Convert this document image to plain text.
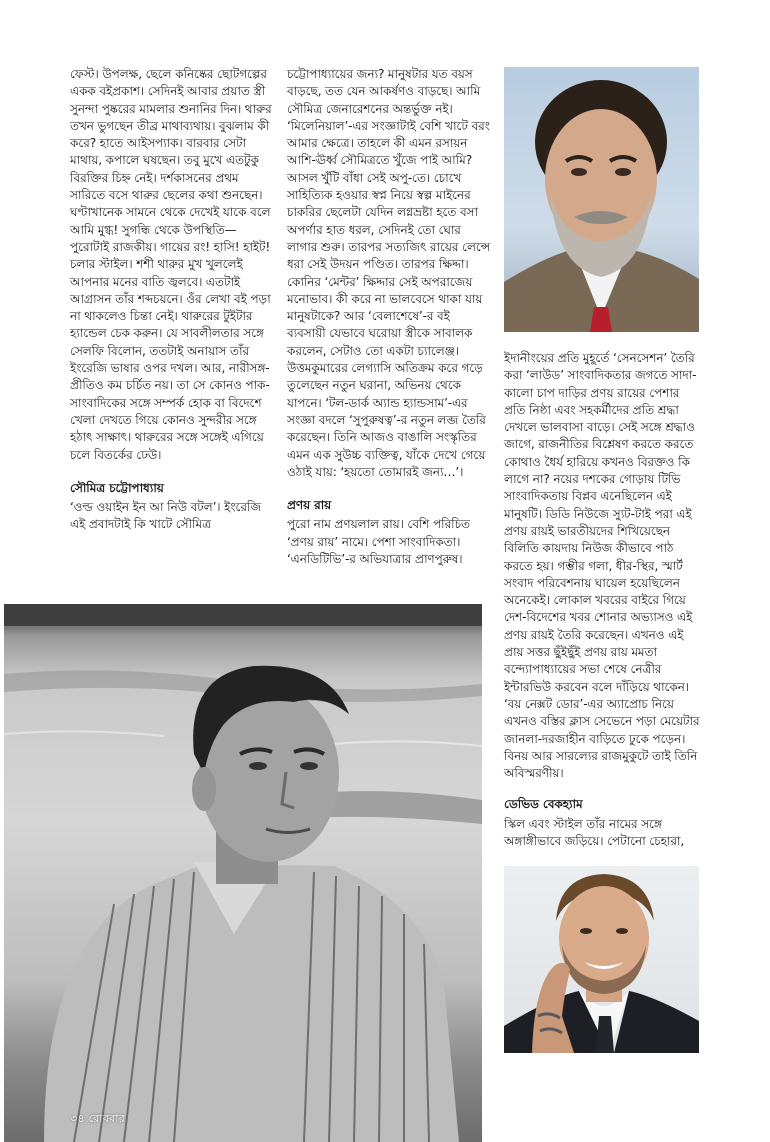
ফেস্ট। উপলক্ষ, ছেলে কনিষ্কের ছোটগল্পের একক বইপ্রকাশ। সেদিনই আবার প্রয়াত স্ত্রী সুনন্দা পুষ্করের মামলার শুনানির দিন। থারুর তখন ভুগছেন তীব্র মাথাব্যথায়। বুঝলাম কী করে? হাতে আইসপ্যাক। বারবার সেটা মাথায়, কপালে ঘষছেন। তবু মুখে এতটুকু বিরক্তির চিহ্ন নেই। দর্শকাসনের প্রথম সারিতে বসে থারুর ছেলের কথা শুনছেন। ঘণ্টাখানেক সামনে থেকে দেখেই যাকে বলে আমি মুগ্ধ! সুগন্ধি থেকে উপস্থিতি— পুরোটাই রাজকীয়। গায়ের রং! হাসি! হাইট! চলার স্টাইল। শশী থারুর মুখ খুললেই আপনার মনের বাতি জ্বলবে। এতটাই আগ্রাসন তাঁর শব্দচয়নে। ওঁর লেখা বই পড়া না থাকলেও চিন্তা নেই। থারুরের টুইটার হ্যান্ডেল চেক করুন। যে সাবলীলতার সঙ্গে সেলফি বিলোন, ততটাই অনায়াস তাঁর ইংরেজি ভাষার ওপর দখল। আর, নারীসঙ্গ-প্রীতিও কম চর্চিত নয়। তা সে কোনও পাক-সাংবাদিকের সঙ্গে সম্পর্ক হোক বা বিদেশে খেলা দেখতে গিয়ে কোনও সুন্দরীর সঙ্গে হঠাৎ সাক্ষাৎ। থারুরের সঙ্গে সঙ্গেই এগিয়ে চলে বিতর্কের ঢেউ।

সৌমিত্র চট্টোপাধ্যায়

‘ওল্ড ওয়াইন ইন আ নিউ বটল’। ইংরেজি এই প্রবাদটাই কি খাটে সৌমিত্র

চট্টোপাধ্যায়ের জন্য? মানুষটার যত বয়স বাড়ছে, তত যেন আকর্ষণও বাড়ছে। আমি সৌমিত্র জেনারেশনের অন্তর্ভুক্ত নই। ‘মিলেনিয়াল’-এর সংজ্ঞাটাই বেশি খাটে বরং আমার ক্ষেত্রে। তাহলে কী এমন রসায়ন আশি-ঊর্ধ্ব সৌমিত্রতে খুঁজে পাই আমি? আসল খুঁটি বাঁধা সেই অপু-তে। চোখে সাহিত্যিক হওয়ার স্বপ্ন নিয়ে স্বল্প মাইনের চাকরির ছেলেটা যেদিন লগ্নভ্রষ্টা হতে বসা অপর্ণার হাত ধরল, সেদিনই তো ঘোর লাগার শুরু। তারপর সত্যজিৎ রায়ের লেন্সে ধরা সেই উদয়ন পণ্ডিত। তারপর ক্ষিদ্দা। কোনির ‘মেন্টর’ ক্ষিদ্দার সেই অপরাজেয় মনোভাব। কী করে না ভালবেসে থাকা যায় মানুষটাকে? আর ‘বেলাশেষে’-র বই ব্যবসায়ী যেভাবে ঘরোয়া স্ত্রীকে সাবালক করলেন, সেটাও তো একটা চ্যালেঞ্জ। উত্তমকুমারের লেগ্যাসি অতিক্রম করে গড়ে তুলেছেন নতুন ঘরানা, অভিনয় থেকে যাপনে। ‘টল-ডার্ক অ্যান্ড হ্যান্ডসাম’-এর সংজ্ঞা বদলে ‘সুপুরুষত্ব’-র নতুন লব্জ তৈরি করেছেন। তিনি আজও বাঙালি সংস্কৃতির এমন এক সুউচ্চ ব্যক্তিত্ব, যাঁকে দেখে গেয়ে ওঠাই যায়: ‘হয়তো তোমারই জন্য…’।

প্রণয় রায়

পুরো নাম প্রণয়লাল রায়। বেশি পরিচিত ‘প্রণয় রায়’ নামে। পেশা সাংবাদিকতা। ‘এনডিটিভি’-র অভিযাত্রার প্রাণপুরুষ।

ইদানীংয়ের প্রতি মুহূর্তে ‘সেনসেশন’ তৈরি করা ‘লাউড’ সাংবাদিকতার জগতে সাদা-কালো চাপ দাড়ির প্রণয় রায়ের পেশার প্রতি নিষ্ঠা এবং সহকর্মীদের প্রতি শ্রদ্ধা দেখলে ভালবাসা বাড়ে। সেই সঙ্গে শ্রদ্ধাও জাগে, রাজনীতির বিশ্লেষণ করতে করতে কোথাও ধৈর্য হারিয়ে কখনও বিরক্তও কি লাগে না? নয়ের দশকের গোড়ায় টিভি সাংবাদিকতায় বিপ্লব এনেছিলেন এই মানুষটি। ডিডি নিউজে স্যুট-টাই পরা এই প্রণয় রায়ই ভারতীয়দের শিখিয়েছেন বিলিতি কায়দায় নিউজ কীভাবে পাঠ করতে হয়। গম্ভীর গলা, ধীর-স্থির, স্মার্ট সংবাদ পরিবেশনায় ঘায়েল হয়েছিলেন অনেকেই। লোকাল খবরের বাইরে গিয়ে দেশ-বিদেশের খবর শোনার অভ্যাসও এই প্রণয় রায়ই তৈরি করেছেন। এখনও এই প্রায় সত্তর ছুঁইছুঁই প্রণয় রায় মমতা বন্দ্যোপাধ্যায়ের সভা শেষে নেত্রীর ইন্টারভিউ করবেন বলে দাঁড়িয়ে থাকেন। ‘বয় নেক্সট ডোর’-এর অ্যাপ্রোচ নিয়ে এখনও বস্তির ক্লাস সেভেনে পড়া মেয়েটার জানলা-দরজাহীন বাড়িতে ঢুকে পড়েন। বিনয় আর সারল্যের রাজমুকুটে তাই তিনি অবিস্মরণীয়।

ডেভিড বেকহ্যাম

স্কিল এবং স্টাইল তাঁর নামের সঙ্গে অঙ্গাঙ্গীভাবে জড়িয়ে। পেটানো চেহারা,

৩৪ রোববার
